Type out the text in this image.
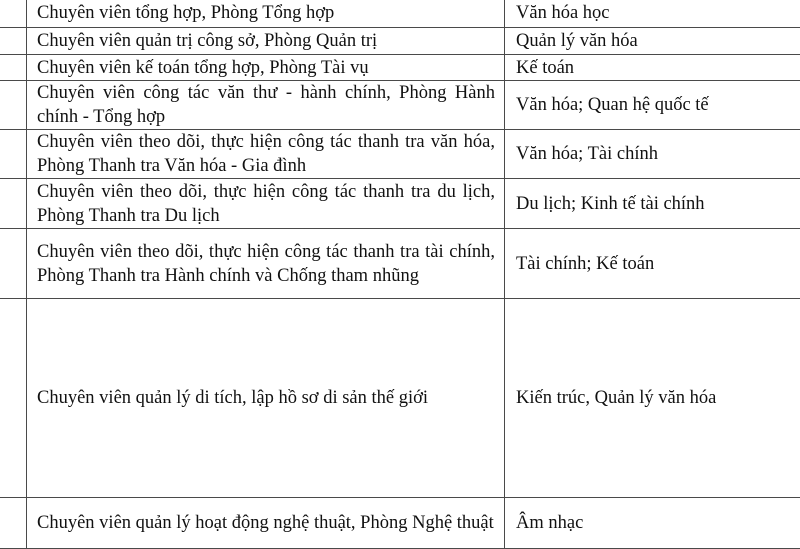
	Chuyên viên tổng hợp, Phòng Tổng hợp	Văn hóa học
	Chuyên viên quản trị công sở, Phòng Quản trị	Quản lý văn hóa
	Chuyên viên kế toán tổng hợp, Phòng Tài vụ	Kế toán
	Chuyên viên công tác văn thư - hành chính, Phòng Hành chính - Tổng hợp	Văn hóa; Quan hệ quốc tế
	Chuyên viên theo dõi, thực hiện công tác thanh tra văn hóa, Phòng Thanh tra Văn hóa - Gia đình	Văn hóa; Tài chính
	Chuyên viên theo dõi, thực hiện công tác thanh tra du lịch, Phòng Thanh tra Du lịch	Du lịch; Kinh tế tài chính
	Chuyên viên theo dõi, thực hiện công tác thanh tra tài chính, Phòng Thanh tra Hành chính và Chống tham nhũng	Tài chính; Kế toán
	Chuyên viên quản lý di tích, lập hồ sơ di sản thế giới	Kiến trúc, Quản lý văn hóa
	Chuyên viên quản lý hoạt động nghệ thuật, Phòng Nghệ thuật	Âm nhạc
